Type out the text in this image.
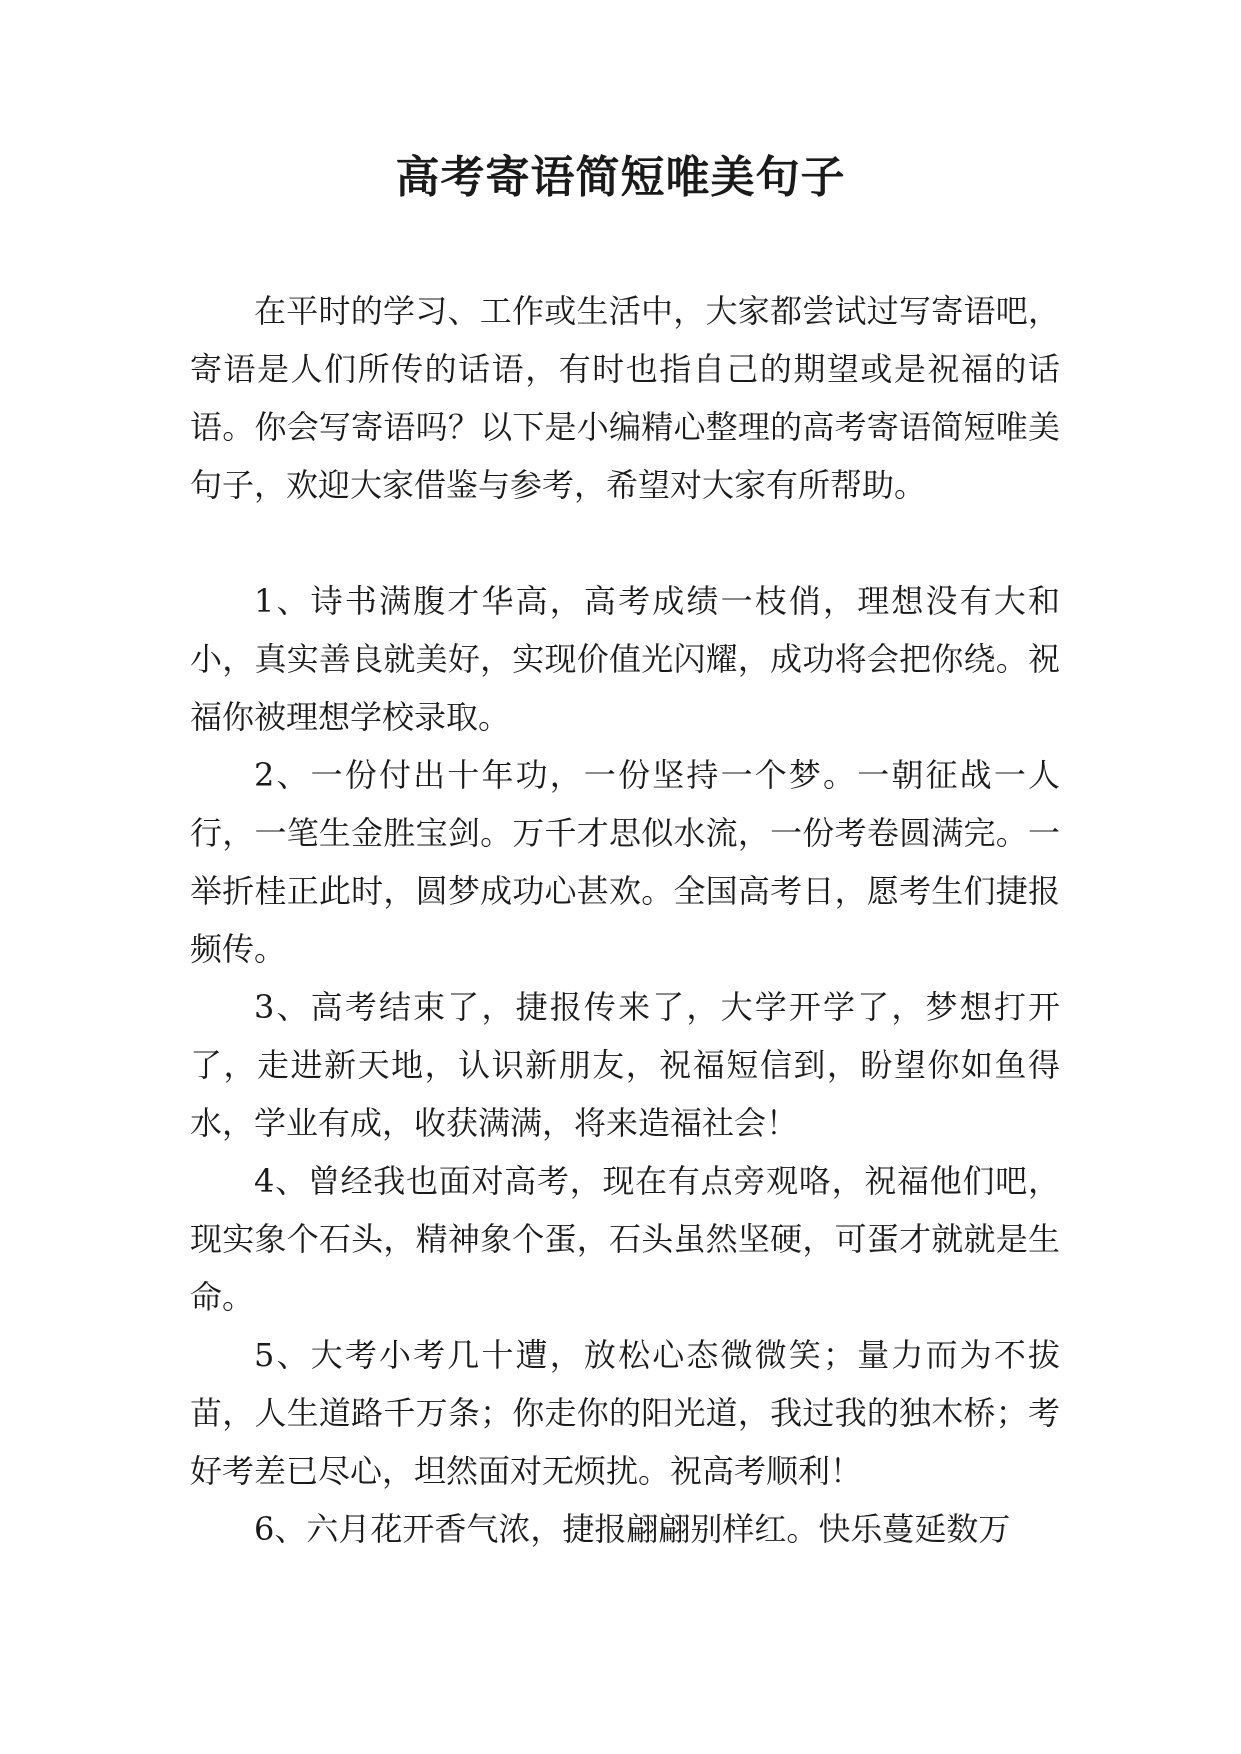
高考寄语简短唯美句子

在平时的学习、工作或生活中，大家都尝试过写寄语吧，寄语是人们所传的话语，有时也指自己的期望或是祝福的话语。你会写寄语吗？以下是小编精心整理的高考寄语简短唯美句子，欢迎大家借鉴与参考，希望对大家有所帮助。

1、诗书满腹才华高，高考成绩一枝俏，理想没有大和小，真实善良就美好，实现价值光闪耀，成功将会把你绕。祝福你被理想学校录取。

2、一份付出十年功，一份坚持一个梦。一朝征战一人行，一笔生金胜宝剑。万千才思似水流，一份考卷圆满完。一举折桂正此时，圆梦成功心甚欢。全国高考日，愿考生们捷报频传。

3、高考结束了，捷报传来了，大学开学了，梦想打开了，走进新天地，认识新朋友，祝福短信到，盼望你如鱼得水，学业有成，收获满满，将来造福社会！

4、曾经我也面对高考，现在有点旁观咯，祝福他们吧，现实象个石头，精神象个蛋，石头虽然坚硬，可蛋才就就是生命。

5、大考小考几十遭，放松心态微微笑；量力而为不拔苗，人生道路千万条；你走你的阳光道，我过我的独木桥；考好考差已尽心，坦然面对无烦扰。祝高考顺利！

6、六月花开香气浓，捷报翩翩别样红。快乐蔓延数万
